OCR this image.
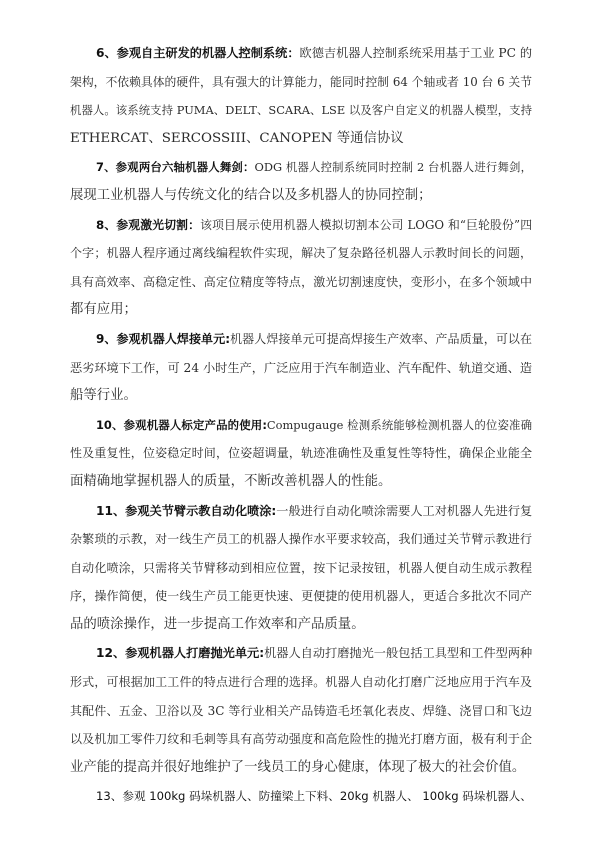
6、参观自主研发的机器人控制系统：欧德吉机器人控制系统采用基于工业 PC 的
架构，不依赖具体的硬件，具有强大的计算能力，能同时控制 64 个轴或者 10 台 6 关节
机器人。该系统支持 PUMA、DELT、SCARA、LSE 以及客户自定义的机器人模型，支持
ETHERCAT、SERCOSSIII、CANOPEN 等通信协议
7、参观两台六轴机器人舞剑：ODG 机器人控制系统同时控制 2 台机器人进行舞剑，
展现工业机器人与传统文化的结合以及多机器人的协同控制；
8、参观激光切割：该项目展示使用机器人模拟切割本公司 LOGO 和“巨轮股份”四
个字；机器人程序通过离线编程软件实现，解决了复杂路径机器人示教时间长的问题，
具有高效率、高稳定性、高定位精度等特点，激光切割速度快，变形小，在多个领域中
都有应用；
9、参观机器人焊接单元:机器人焊接单元可提高焊接生产效率、产品质量，可以在
恶劣环境下工作，可 24 小时生产，广泛应用于汽车制造业、汽车配件、轨道交通、造
船等行业。
10、参观机器人标定产品的使用:Compugauge 检测系统能够检测机器人的位姿准确
性及重复性，位姿稳定时间，位姿超调量，轨迹准确性及重复性等特性，确保企业能全
面精确地掌握机器人的质量，不断改善机器人的性能。
11、参观关节臂示教自动化喷涂:一般进行自动化喷涂需要人工对机器人先进行复
杂繁琐的示教，对一线生产员工的机器人操作水平要求较高，我们通过关节臂示教进行
自动化喷涂，只需将关节臂移动到相应位置，按下记录按钮，机器人便自动生成示教程
序，操作简便，使一线生产员工能更快速、更便捷的使用机器人，更适合多批次不同产
品的喷涂操作，进一步提高工作效率和产品质量。
12、参观机器人打磨抛光单元:机器人自动打磨抛光一般包括工具型和工件型两种
形式，可根据加工工件的特点进行合理的选择。机器人自动化打磨广泛地应用于汽车及
其配件、五金、卫浴以及 3C 等行业相关产品铸造毛坯氧化表皮、焊缝、浇冒口和飞边
以及机加工零件刀纹和毛刺等具有高劳动强度和高危险性的抛光打磨方面，极有利于企
业产能的提高并很好地维护了一线员工的身心健康，体现了极大的社会价值。
13、参观 100kg 码垛机器人、防撞梁上下料、20kg 机器人、 100kg 码垛机器人、
